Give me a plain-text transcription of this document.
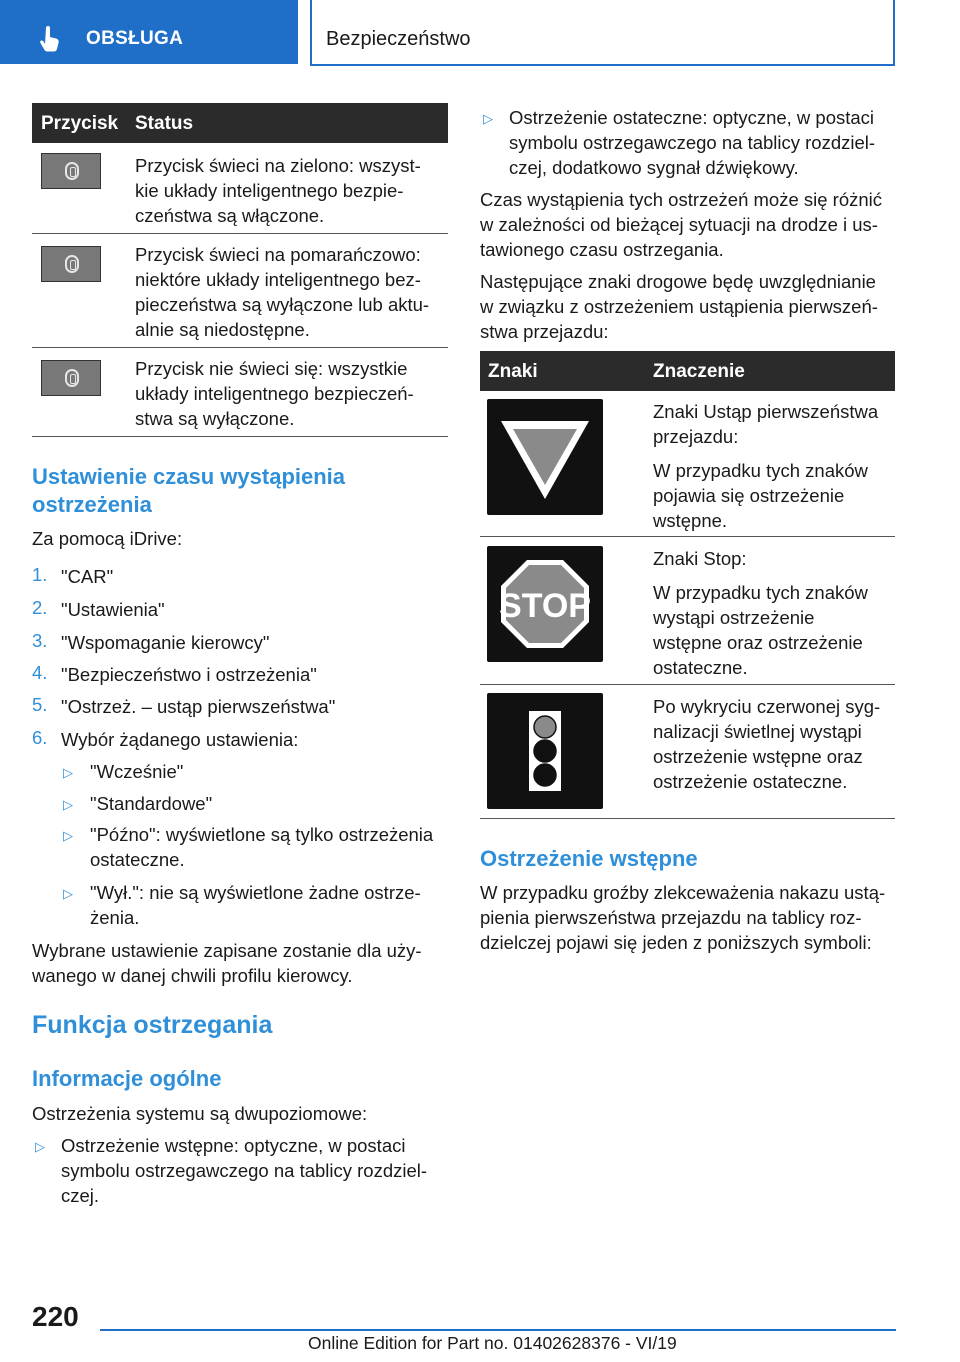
OBSŁUGA	Bezpieczeństwo
Przycisk Status
Przycisk świeci na zielono: wszyst-
kie układy inteligentnego bezpie-
czeństwa są włączone.
Przycisk świeci na pomarańczowo:
niektóre układy inteligentnego bez-
pieczeństwa są wyłączone lub aktu-
alnie są niedostępne.
Przycisk nie świeci się: wszystkie
układy inteligentnego bezpieczeń-
stwa są wyłączone.
Ustawienie czasu wystąpienia
ostrzeżenia
Za pomocą iDrive:
1. "CAR"
2. "Ustawienia"
3. "Wspomaganie kierowcy"
4. "Bezpieczeństwo i ostrzeżenia"
5. "Ostrzeż. – ustąp pierwszeństwa"
6. Wybór żądanego ustawienia:
▷ "Wcześnie"
▷ "Standardowe"
▷ "Późno": wyświetlone są tylko ostrzeżenia
ostateczne.
▷ "Wył.": nie są wyświetlone żadne ostrze-
żenia.
Wybrane ustawienie zapisane zostanie dla uży-
wanego w danej chwili profilu kierowcy.
Funkcja ostrzegania
Informacje ogólne
Ostrzeżenia systemu są dwupoziomowe:
▷ Ostrzeżenie wstępne: optyczne, w postaci
symbolu ostrzegawczego na tablicy rozdziel-
czej.
▷ Ostrzeżenie ostateczne: optyczne, w postaci
symbolu ostrzegawczego na tablicy rozdziel-
czej, dodatkowo sygnał dźwiękowy.
Czas wystąpienia tych ostrzeżeń może się różnić
w zależności od bieżącej sytuacji na drodze i us-
tawionego czasu ostrzegania.
Następujące znaki drogowe będę uwzględnianie
w związku z ostrzeżeniem ustąpienia pierwszeń-
stwa przejazdu:
Znaki	Znaczenie
Znaki Ustąp pierwszeństwa
przejazdu:
W przypadku tych znaków
pojawia się ostrzeżenie
wstępne.
STOP
Znaki Stop:
W przypadku tych znaków
wystąpi ostrzeżenie
wstępne oraz ostrzeżenie
ostateczne.
Po wykryciu czerwonej syg-
nalizacji świetlnej wystąpi
ostrzeżenie wstępne oraz
ostrzeżenie ostateczne.
Ostrzeżenie wstępne
W przypadku groźby zlekceważenia nakazu ustą-
pienia pierwszeństwa przejazdu na tablicy roz-
dzielczej pojawi się jeden z poniższych symboli:
220
Online Edition for Part no. 01402628376 - VI/19
